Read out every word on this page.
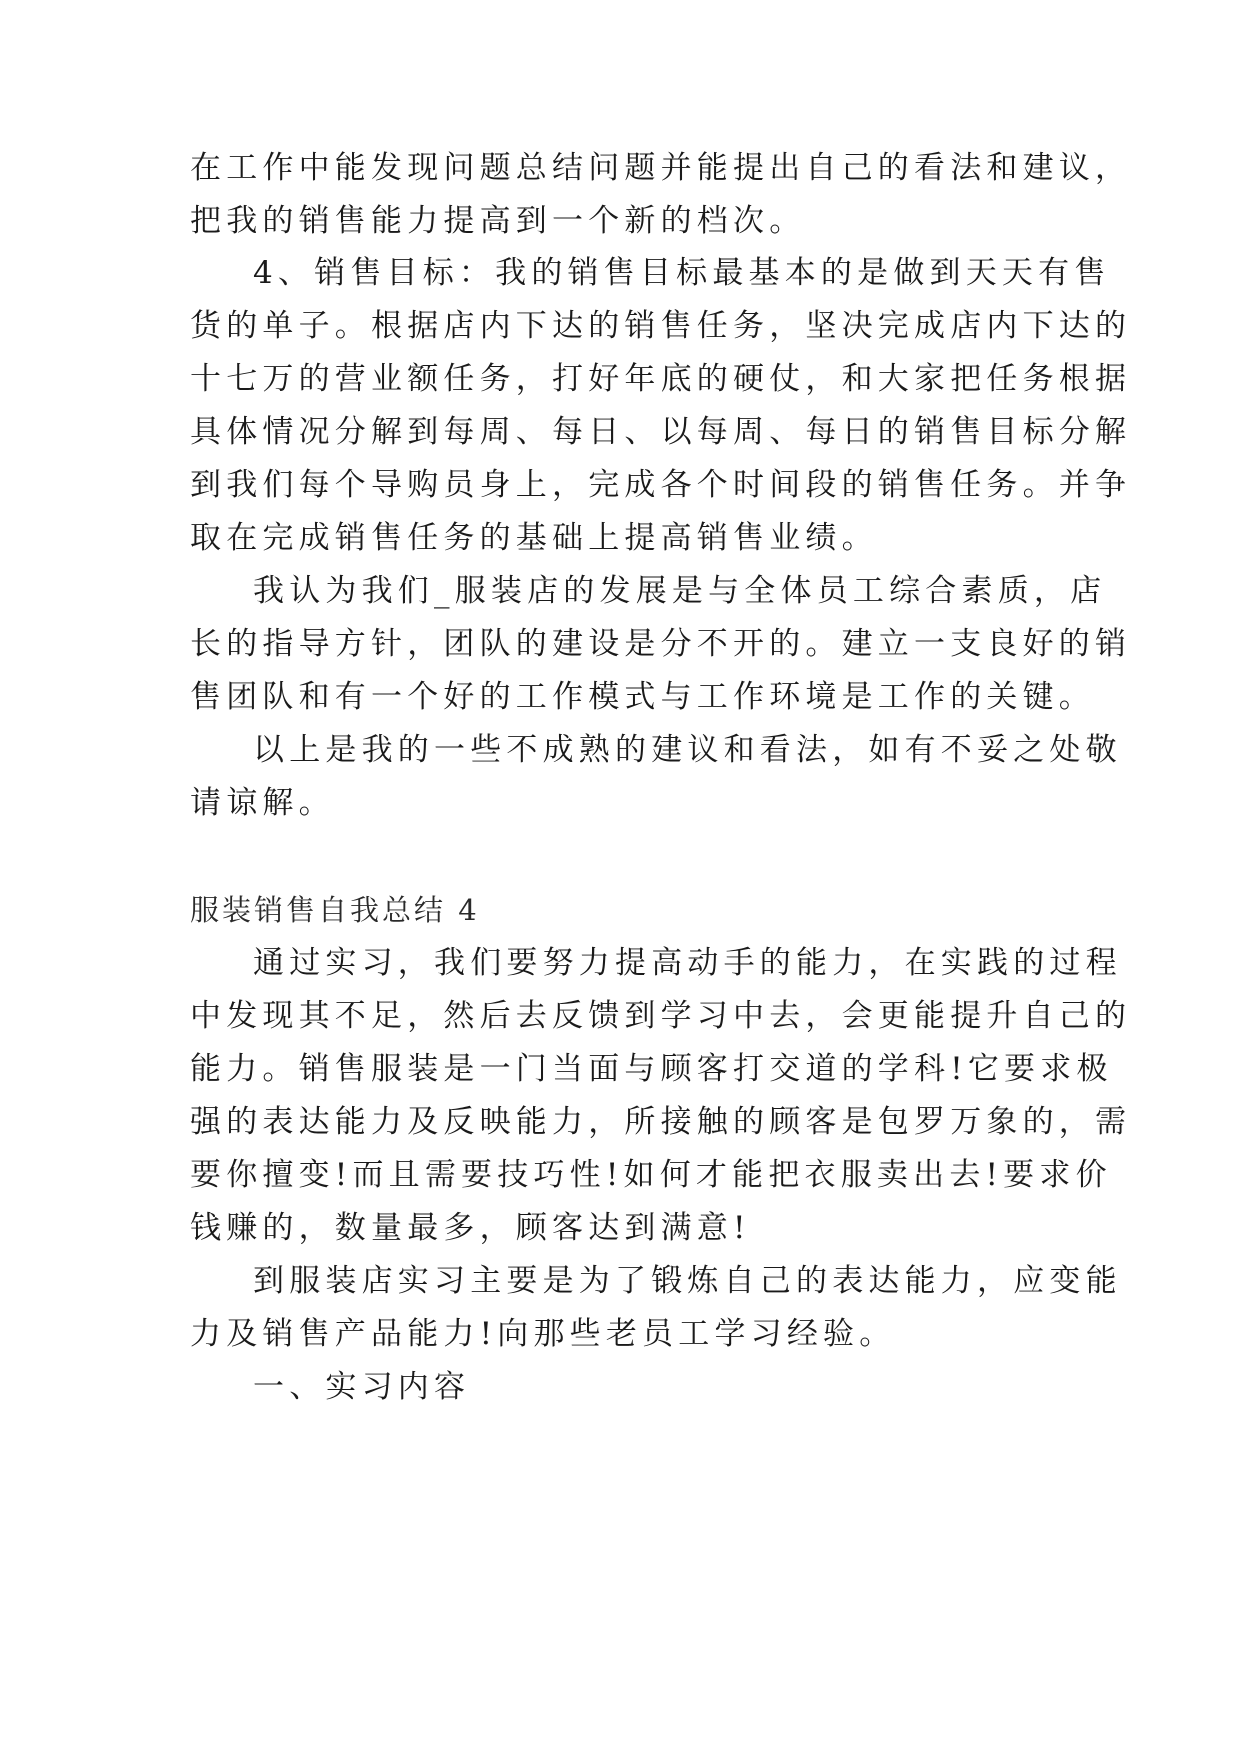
在工作中能发现问题总结问题并能提出自己的看法和建议，
把我的销售能力提高到一个新的档次。
4、销售目标：我的销售目标最基本的是做到天天有售
货的单子。根据店内下达的销售任务，坚决完成店内下达的
十七万的营业额任务，打好年底的硬仗，和大家把任务根据
具体情况分解到每周、每日、以每周、每日的销售目标分解
到我们每个导购员身上，完成各个时间段的销售任务。并争
取在完成销售任务的基础上提高销售业绩。
我认为我们_服装店的发展是与全体员工综合素质，店
长的指导方针，团队的建设是分不开的。建立一支良好的销
售团队和有一个好的工作模式与工作环境是工作的关键。
以上是我的一些不成熟的建议和看法，如有不妥之处敬
请谅解。
服装销售自我总结 4
通过实习，我们要努力提高动手的能力，在实践的过程
中发现其不足，然后去反馈到学习中去，会更能提升自己的
能力。销售服装是一门当面与顾客打交道的学科!它要求极
强的表达能力及反映能力，所接触的顾客是包罗万象的，需
要你擅变!而且需要技巧性!如何才能把衣服卖出去!要求价
钱赚的，数量最多，顾客达到满意!
到服装店实习主要是为了锻炼自己的表达能力，应变能
力及销售产品能力!向那些老员工学习经验。
一、实习内容
